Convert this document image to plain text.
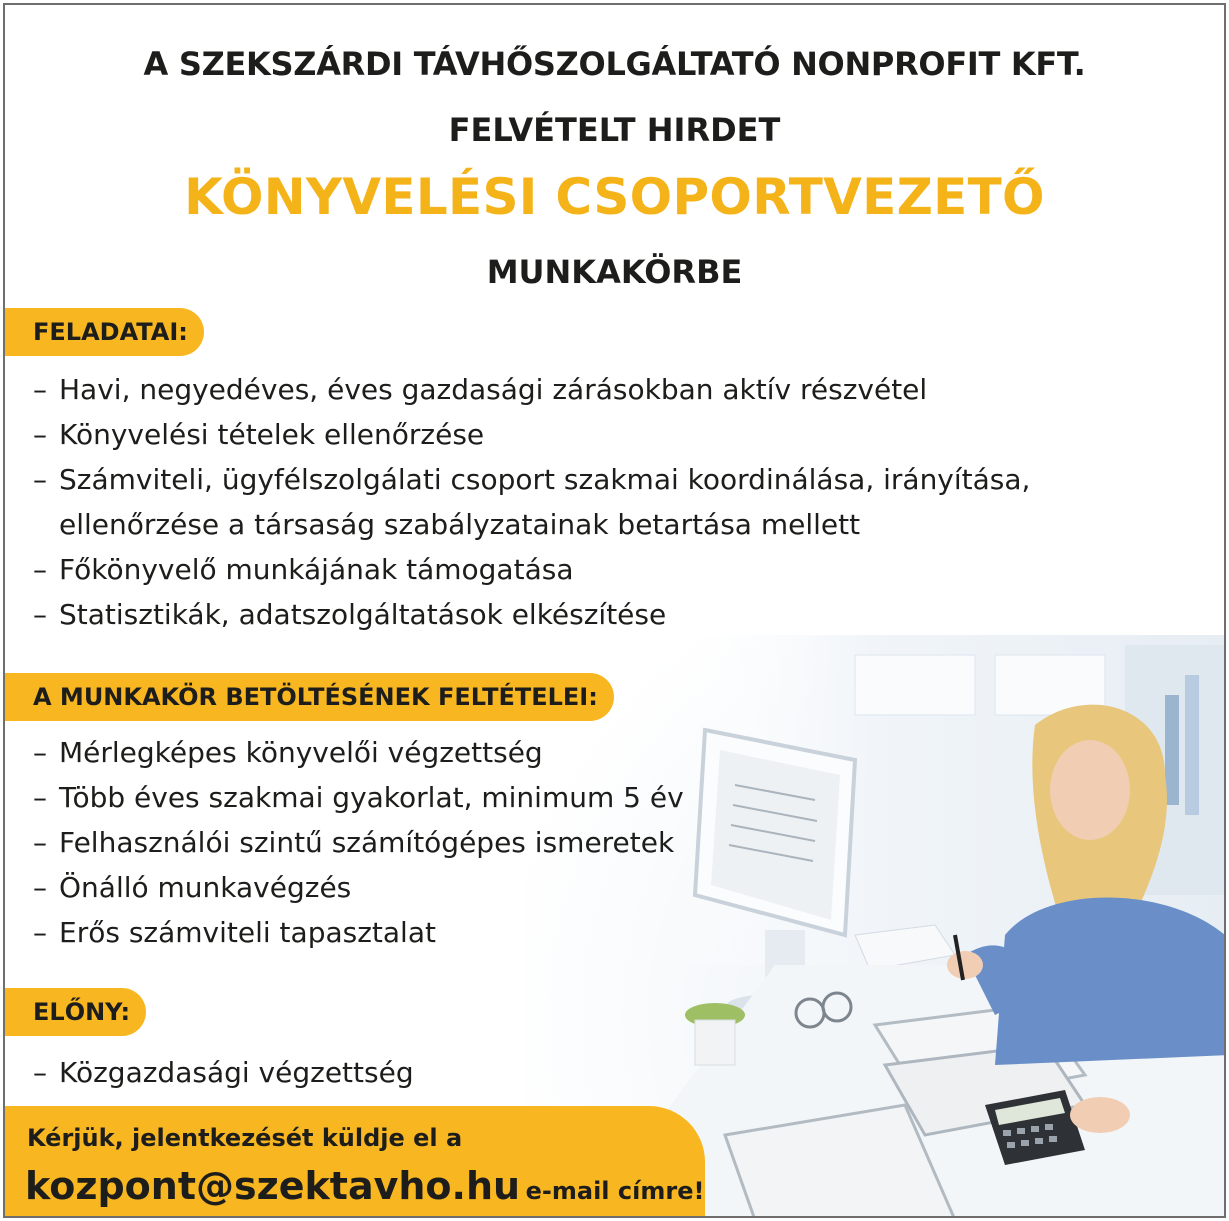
A SZEKSZÁRDI TÁVHŐSZOLGÁLTATÓ NONPROFIT KFT.
FELVÉTELT HIRDET
KÖNYVELÉSI CSOPORTVEZETŐ
MUNKAKÖRBE
FELADATAI:
– Havi, negyedéves, éves gazdasági zárásokban aktív részvétel
– Könyvelési tételek ellenőrzése
– Számviteli, ügyfélszolgálati csoport szakmai koordinálása, irányítása,
ellenőrzése a társaság szabályzatainak betartása mellett
– Főkönyvelő munkájának támogatása
– Statisztikák, adatszolgáltatások elkészítése
A MUNKAKÖR BETÖLTÉSÉNEK FELTÉTELEI:
– Mérlegképes könyvelői végzettség
– Több éves szakmai gyakorlat, minimum 5 év
– Felhasználói szintű számítógépes ismeretek
– Önálló munkavégzés
– Erős számviteli tapasztalat
ELŐNY:
– Közgazdasági végzettség
Kérjük, jelentkezését küldje el a
kozpont@szektavho.hu e-mail címre!
